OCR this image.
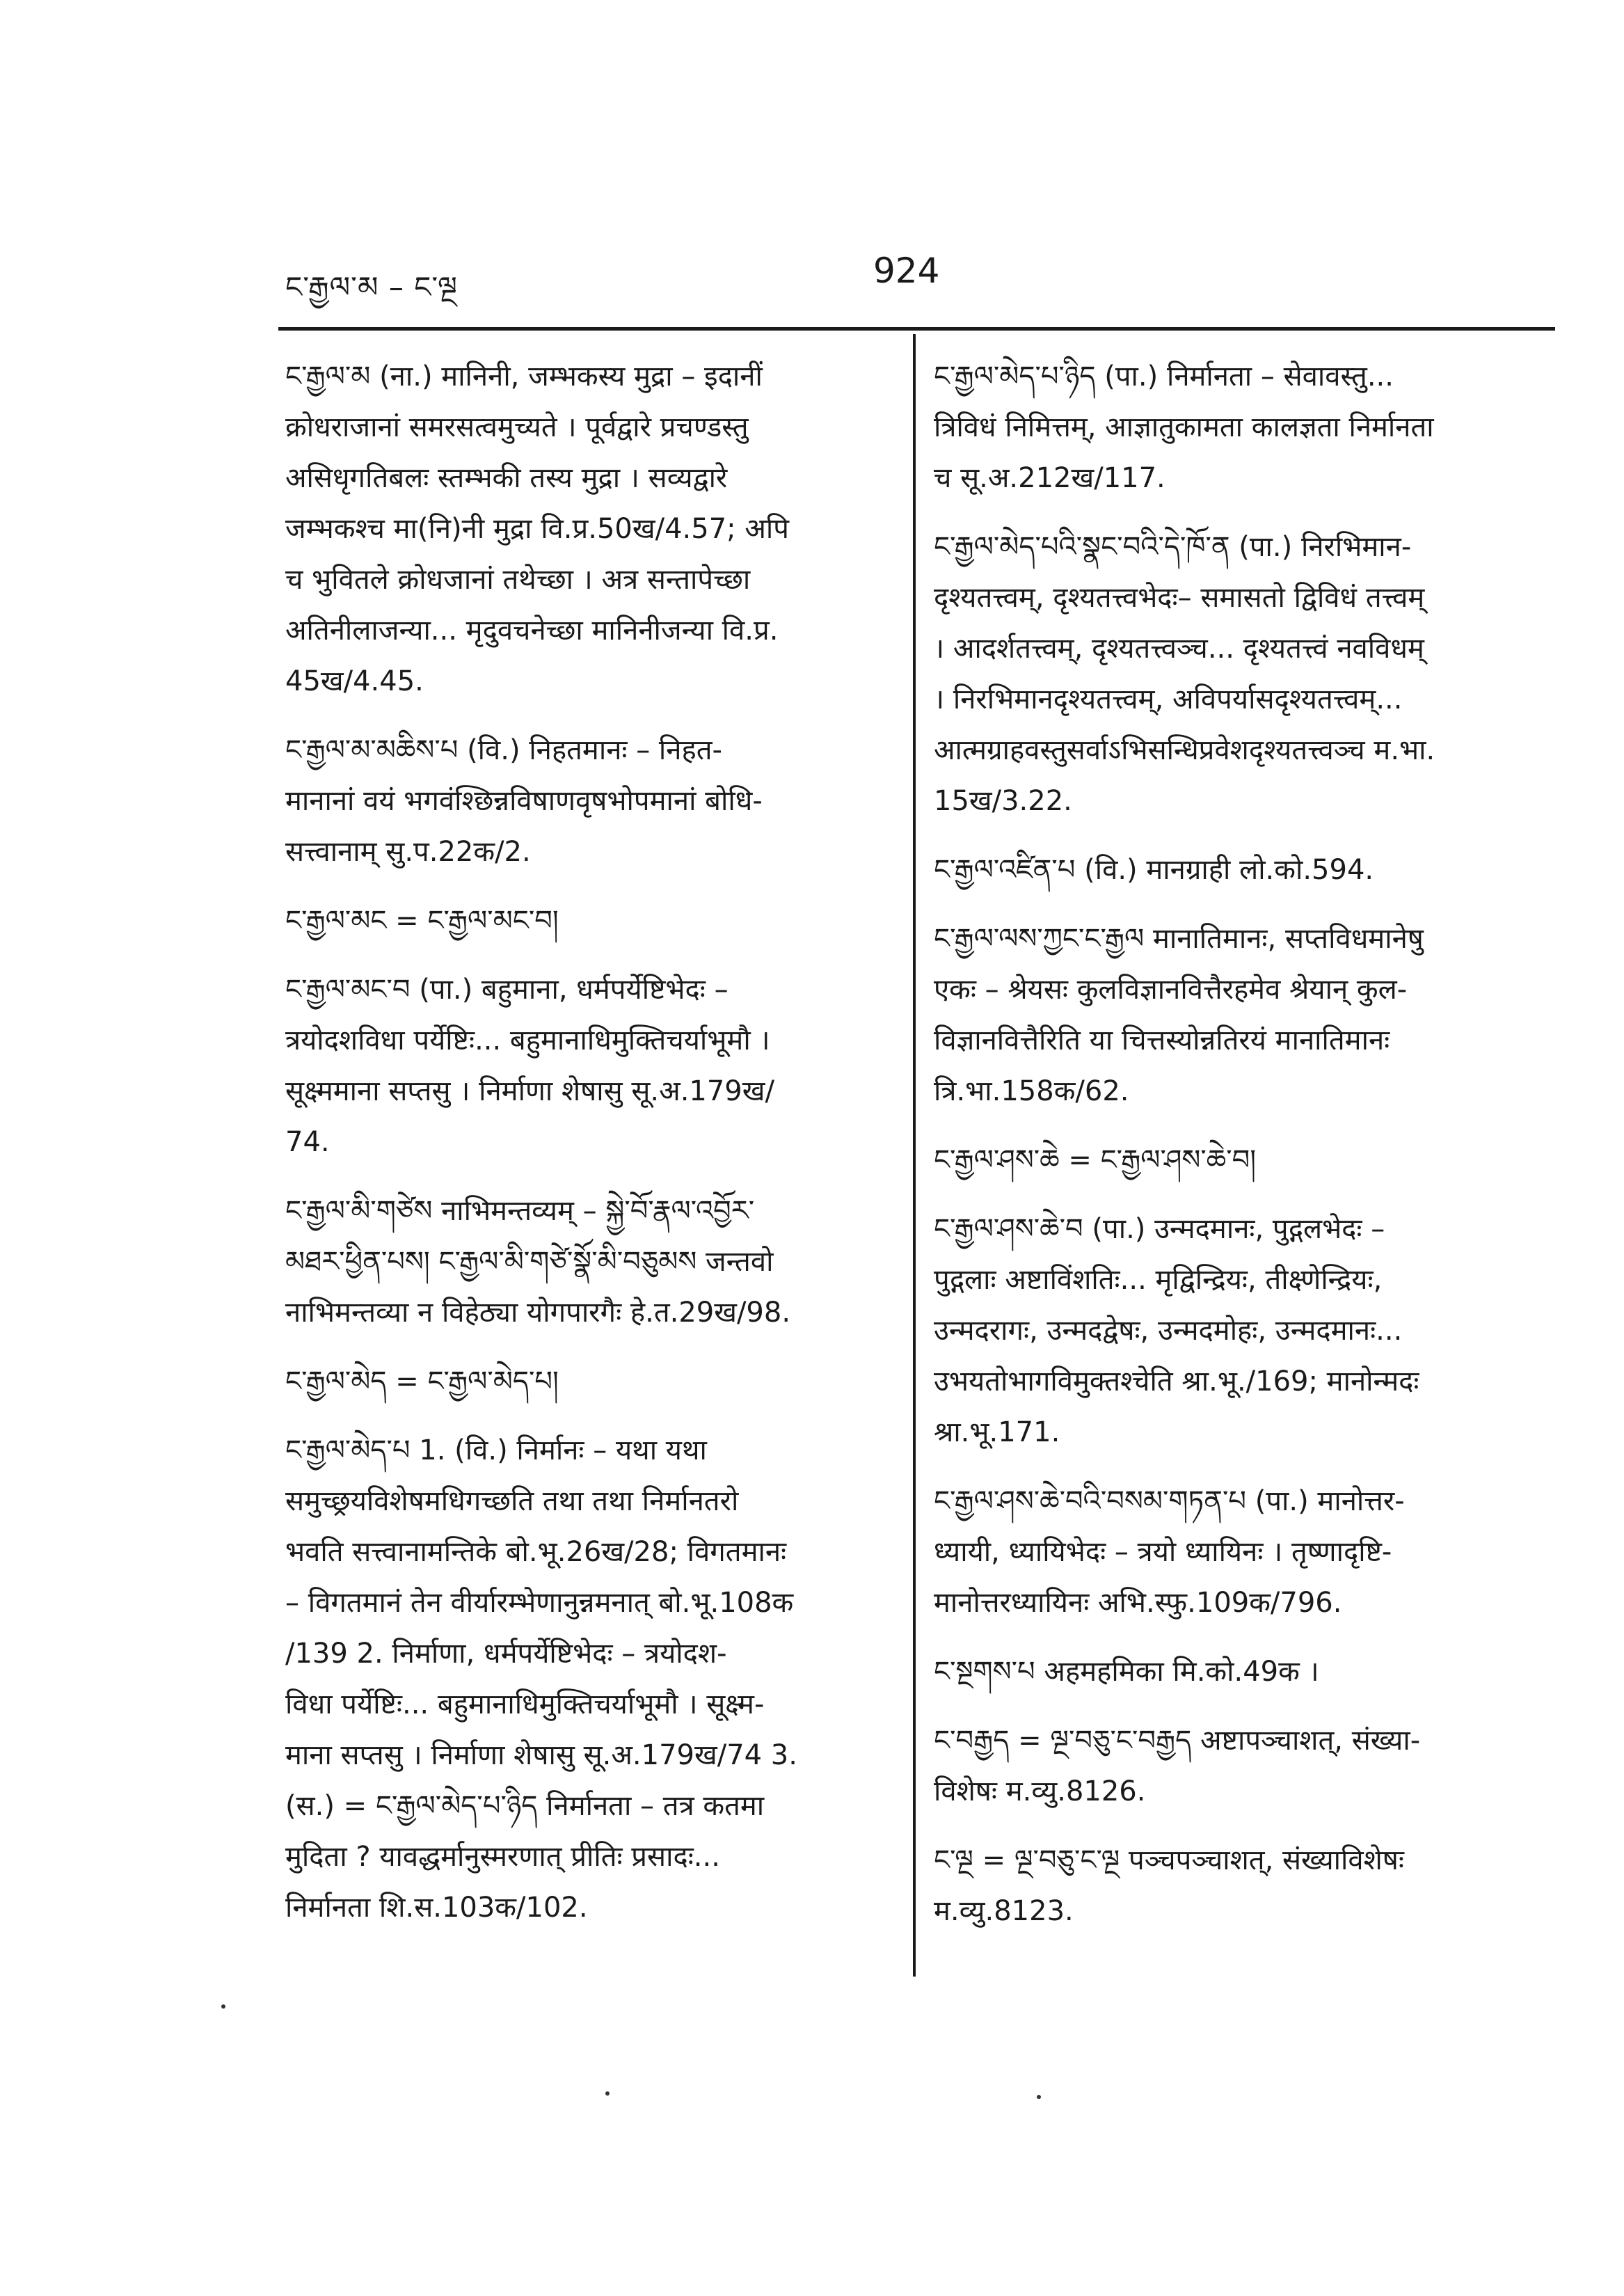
ང་རྒྱལ་མ – ང་ལྔ	924
ང་རྒྱལ་མ (ना.) मानिनी, जम्भकस्य मुद्रा – इदानीं
क्रोधराजानां समरसत्वमुच्यते । पूर्वद्वारे प्रचण्डस्तु
असिधृगतिबलः स्तम्भकी तस्य मुद्रा । सव्यद्वारे
जम्भकश्च मा(नि)नी मुद्रा वि.प्र.50ख/4.57; अपि
च भुवितले क्रोधजानां तथेच्छा । अत्र सन्तापेच्छा
अतिनीलाजन्या... मृदुवचनेच्छा मानिनीजन्या वि.प्र.
45ख/4.45.
ང་རྒྱལ་མ་མཆིས་པ (वि.) निहतमानः – निहत-
मानानां वयं भगवंश्छिन्नविषाणवृषभोपमानां बोधि-
सत्त्वानाम् सु.प.22क/2.
ང་རྒྱལ་མང = ང་རྒྱལ་མང་བ།
ང་རྒྱལ་མང་བ (पा.) बहुमाना, धर्मपर्येष्टिभेदः –
त्रयोदशविधा पर्येष्टिः... बहुमानाधिमुक्तिचर्याभूमौ ।
सूक्ष्ममाना सप्तसु । निर्माणा शेषासु सू.अ.179ख/
74.
ང་རྒྱལ་མི་གཙེས नाभिमन्तव्यम् – སྐྱེ་བོ་རྣལ་འབྱོར་
མཐར་ཕྱིན་པས། ང་རྒྱལ་མི་གཙེ་སྣོ་མི་བཅུམས जन्तवो
नाभिमन्तव्या न विहेठ्या योगपारगैः हे.त.29ख/98.
ང་རྒྱལ་མེད = ང་རྒྱལ་མེད་པ།
ང་རྒྱལ་མེད་པ 1. (वि.) निर्मानः – यथा यथा
समुच्छ्रयविशेषमधिगच्छति तथा तथा निर्मानतरो
भवति सत्त्वानामन्तिके बो.भू.26ख/28; विगतमानः
– विगतमानं तेन वीर्यारम्भेणानुन्नमनात् बो.भू.108क
/139 2. निर्माणा, धर्मपर्येष्टिभेदः – त्रयोदश-
विधा पर्येष्टिः... बहुमानाधिमुक्तिचर्याभूमौ । सूक्ष्म-
माना सप्तसु । निर्माणा शेषासु सू.अ.179ख/74 3.
(स.) = ང་རྒྱལ་མེད་པ་ཉིད निर्मानता – तत्र कतमा
मुदिता ? यावद्धर्मानुस्मरणात् प्रीतिः प्रसादः...
निर्मानता शि.स.103क/102.
ང་རྒྱལ་མེད་པ་ཉིད (पा.) निर्मानता – सेवावस्तु...
त्रिविधं निमित्तम्, आज्ञातुकामता कालज्ञता निर्मानता
च सू.अ.212ख/117.
ང་རྒྱལ་མེད་པའི་སྣང་བའི་དེ་ཁོ་ན (पा.) निरभिमान-
दृश्यतत्त्वम्, दृश्यतत्त्वभेदः– समासतो द्विविधं तत्त्वम्
। आदर्शतत्त्वम्, दृश्यतत्त्वञ्च... दृश्यतत्त्वं नवविधम्
। निरभिमानदृश्यतत्त्वम्, अविपर्यासदृश्यतत्त्वम्...
आत्मग्राहवस्तुसर्वाऽभिसन्धिप्रवेशदृश्यतत्त्वञ्च म.भा.
15ख/3.22.
ང་རྒྱལ་འཛིན་པ (वि.) मानग्राही लो.को.594.
ང་རྒྱལ་ལས་ཀྱང་ང་རྒྱལ मानातिमानः, सप्तविधमानेषु
एकः – श्रेयसः कुलविज्ञानवित्तैरहमेव श्रेयान् कुल-
विज्ञानवित्तैरिति या चित्तस्योन्नतिरयं मानातिमानः
त्रि.भा.158क/62.
ང་རྒྱལ་ཤས་ཆེ = ང་རྒྱལ་ཤས་ཆེ་བ།
ང་རྒྱལ་ཤས་ཆེ་བ (पा.) उन्मदमानः, पुद्गलभेदः –
पुद्गलाः अष्टाविंशतिः... मृद्विन्द्रियः, तीक्ष्णेन्द्रियः,
उन्मदरागः, उन्मदद्वेषः, उन्मदमोहः, उन्मदमानः...
उभयतोभागविमुक्तश्चेति श्रा.भू./169; मानोन्मदः
श्रा.भू.171.
ང་རྒྱལ་ཤས་ཆེ་བའི་བསམ་གཏན་པ (पा.) मानोत्तर-
ध्यायी, ध्यायिभेदः – त्रयो ध्यायिनः । तृष्णादृष्टि-
मानोत्तरध्यायिनः अभि.स्फु.109क/796.
ང་སྔགས་པ अहमहमिका मि.को.49क ।
ང་བརྒྱད = ལྔ་བཅུ་ང་བརྒྱད अष्टापञ्चाशत्, संख्या-
विशेषः म.व्यु.8126.
ང་ལྔ = ལྔ་བཅུ་ང་ལྔ पञ्चपञ्चाशत्, संख्याविशेषः
म.व्यु.8123.
